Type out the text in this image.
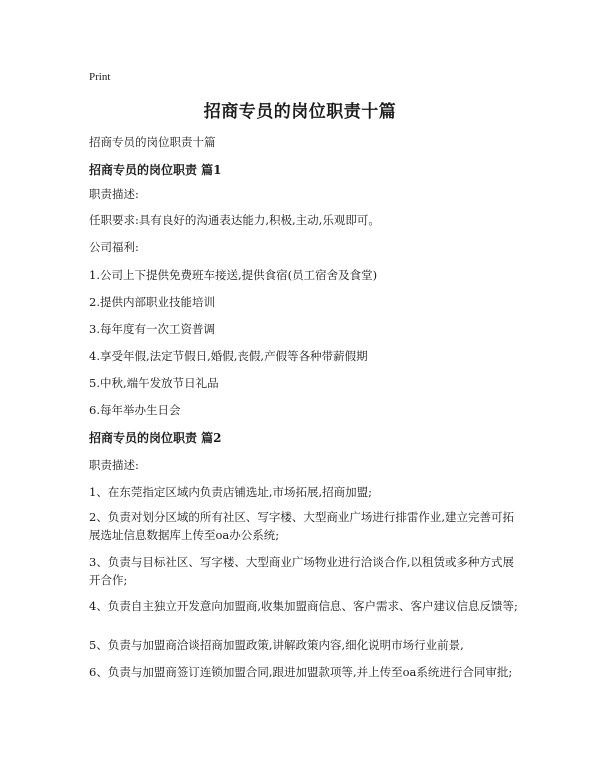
Print
招商专员的岗位职责十篇
招商专员的岗位职责十篇
招商专员的岗位职责 篇1
职责描述:
任职要求:具有良好的沟通表达能力,积极,主动,乐观即可。
公司福利:
1.公司上下提供免费班车接送,提供食宿(员工宿舍及食堂)
2.提供内部职业技能培训
3.每年度有一次工资普调
4.享受年假,法定节假日,婚假,丧假,产假等各种带薪假期
5.中秋,端午发放节日礼品
6.每年举办生日会
招商专员的岗位职责 篇2
职责描述:
1、在东莞指定区域内负责店铺选址,市场拓展,招商加盟;
2、负责对划分区域的所有社区、写字楼、大型商业广场进行排雷作业,建立完善可拓展选址信息数据库上传至oa办公系统;
3、负责与目标社区、写字楼、大型商业广场物业进行洽谈合作,以租赁或多种方式展开合作;
4、负责自主独立开发意向加盟商,收集加盟商信息、客户需求、客户建议信息反馈等;
5、负责与加盟商洽谈招商加盟政策,讲解政策内容,细化说明市场行业前景,
6、负责与加盟商签订连锁加盟合同,跟进加盟款项等,并上传至oa系统进行合同审批;
